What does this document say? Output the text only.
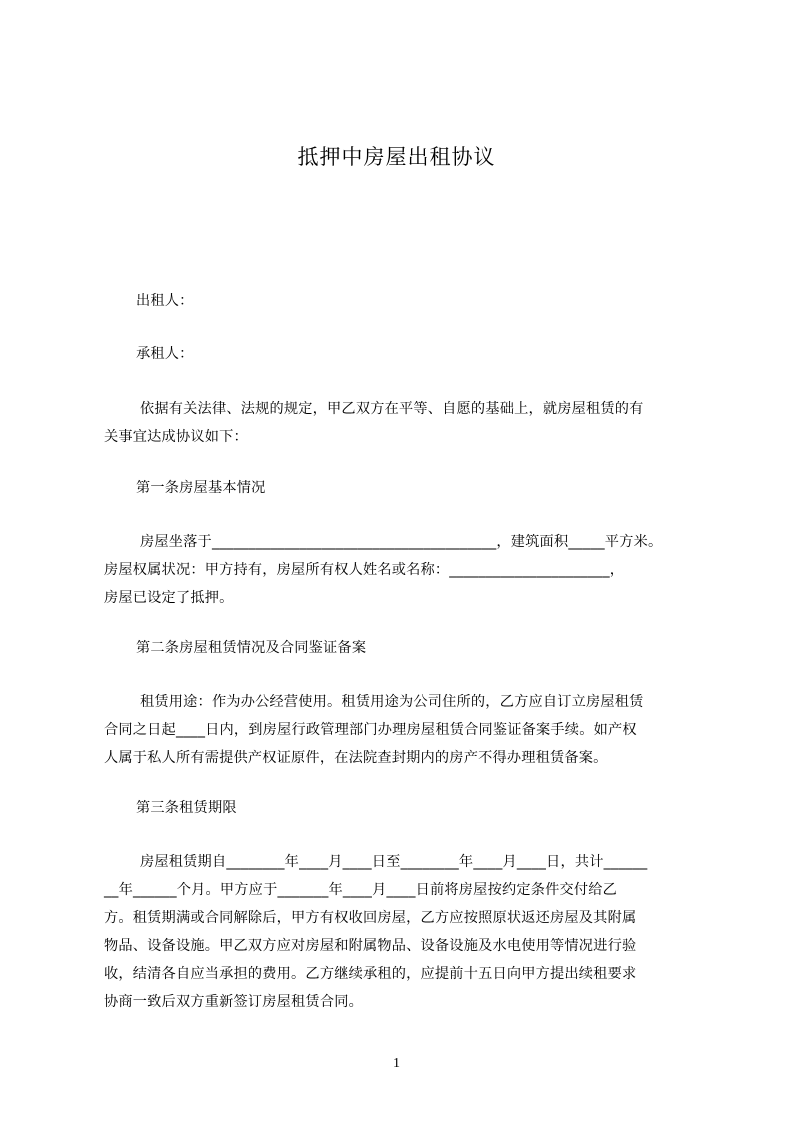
抵押中房屋出租协议
出租人：
承租人：
依据有关法律、法规的规定，甲乙双方在平等、自愿的基础上，就房屋租赁的有
关事宜达成协议如下：
第一条房屋基本情况
房屋坐落于_______________________________________，建筑面积_____平方米。
房屋权属状况：甲方持有，房屋所有权人姓名或名称：______________________，
房屋已设定了抵押。
第二条房屋租赁情况及合同鉴证备案
租赁用途：作为办公经营使用。租赁用途为公司住所的，乙方应自订立房屋租赁
合同之日起____日内，到房屋行政管理部门办理房屋租赁合同鉴证备案手续。如产权
人属于私人所有需提供产权证原件，在法院查封期内的房产不得办理租赁备案。
第三条租赁期限
房屋租赁期自________年____月____日至________年____月____日，共计______
__年______个月。甲方应于_______年____月____日前将房屋按约定条件交付给乙
方。租赁期满或合同解除后，甲方有权收回房屋，乙方应按照原状返还房屋及其附属
物品、设备设施。甲乙双方应对房屋和附属物品、设备设施及水电使用等情况进行验
收，结清各自应当承担的费用。乙方继续承租的，应提前十五日向甲方提出续租要求
协商一致后双方重新签订房屋租赁合同。
1
